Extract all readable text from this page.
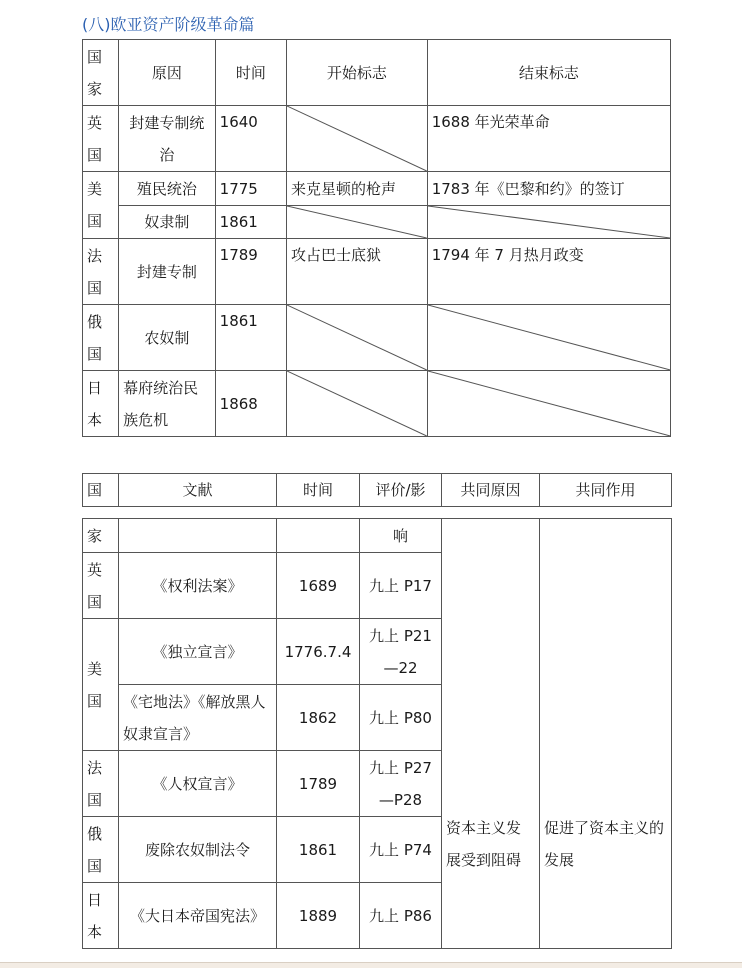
(八)欧亚资产阶级革命篇
国家	原因	时间	开始标志	结束标志
英国	封建专制统治	1640		1688 年光荣革命
美国	殖民统治	1775	来克星顿的枪声	1783 年《巴黎和约》的签订
	奴隶制	1861	

法国	封建专制	1789	攻占巴士底狱	1794 年 7 月热月政变
俄国	农奴制	1861	

日本	幕府统治民族危机	1868	

国	文献	时间	评价/影	共同原因	共同作用
家			响	资本主义发展受到阻碍	促进了资本主义的发展
英国	《权利法案》	1689	九上 P17		
美国	《独立宣言》	1776.7.4	九上 P21—22		
	《宅地法》《解放黑人奴隶宣言》	1862	九上 P80		
法国	《人权宣言》	1789	九上 P27—P28		
俄国	废除农奴制法令	1861	九上 P74		
日本	《大日本帝国宪法》	1889	九上 P86		
